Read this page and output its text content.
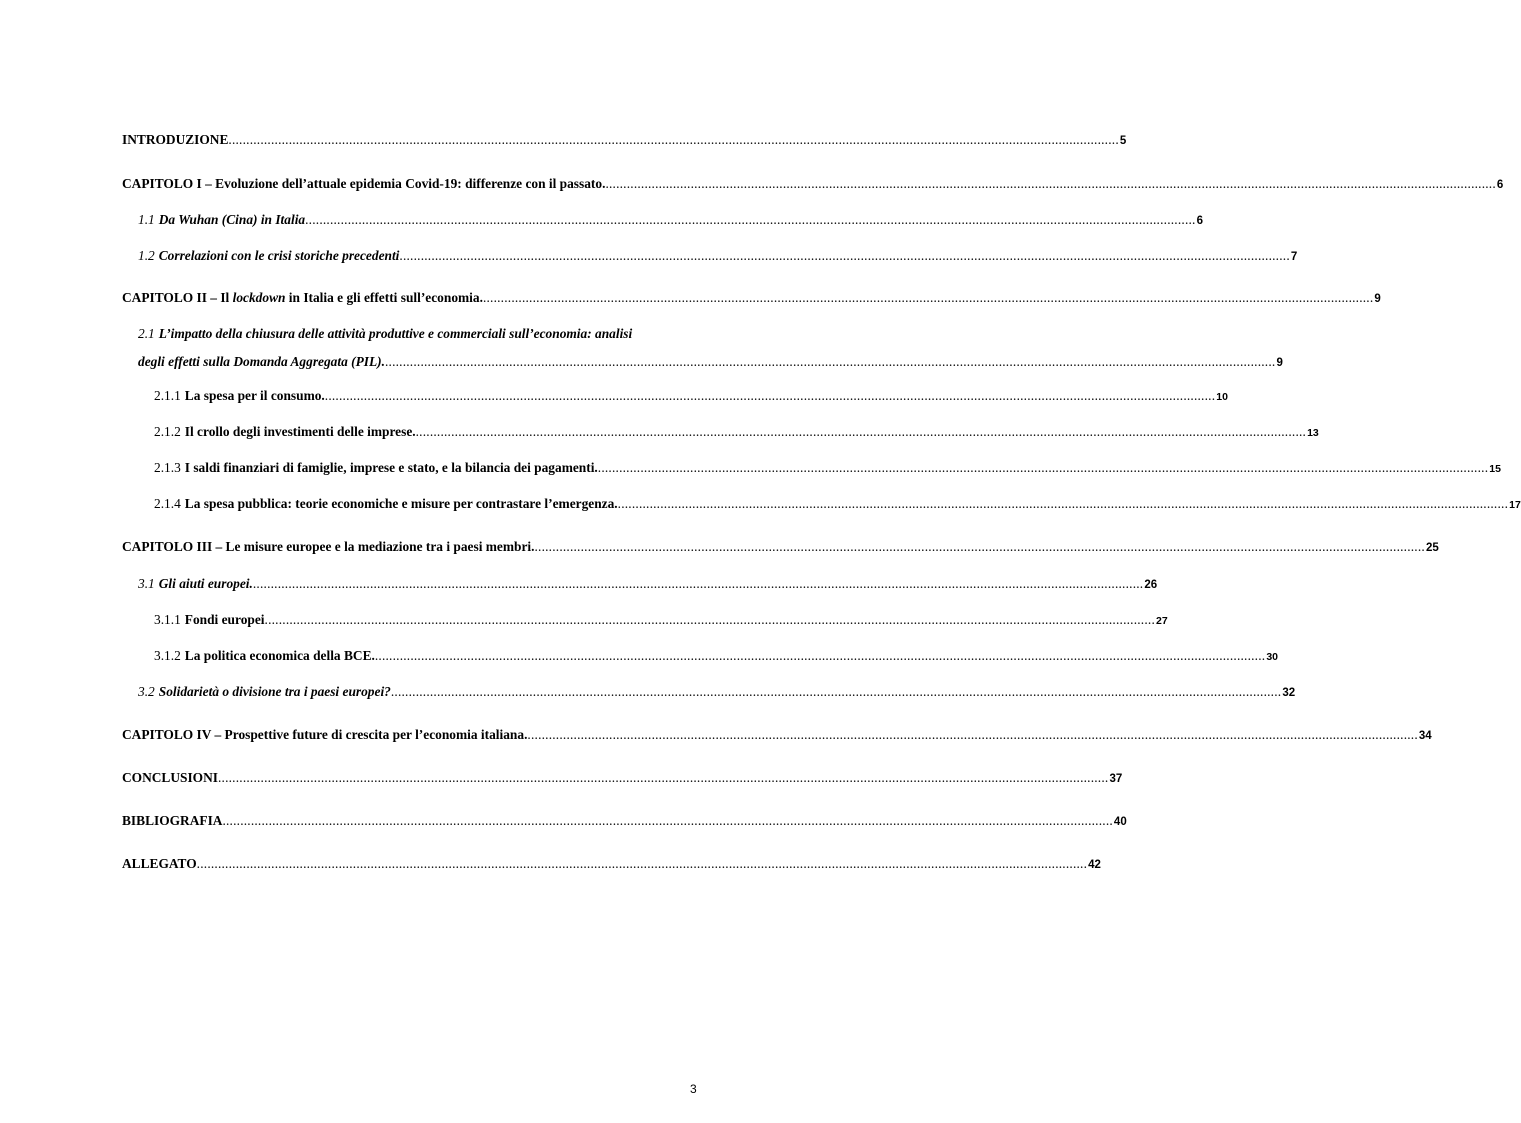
INTRODUZIONE .....	5
CAPITOLO I – Evoluzione dell’attuale epidemia Covid-19: differenze con il passato. .....	6
1.1 Da Wuhan (Cina) in Italia .....	6
1.2 Correlazioni con le crisi storiche precedenti .....	7
CAPITOLO II – Il lockdown in Italia e gli effetti sull’economia. .....	9
2.1 L’impatto della chiusura delle attività produttive e commerciali sull’economia: analisi
degli effetti sulla Domanda Aggregata (PIL). .....	9
2.1.1 La spesa per il consumo. .....	10
2.1.2 Il crollo degli investimenti delle imprese. .....	13
2.1.3 I saldi finanziari di famiglie, imprese e stato, e la bilancia dei pagamenti. .....	15
2.1.4 La spesa pubblica: teorie economiche e misure per contrastare l’emergenza. .....	17
CAPITOLO III – Le misure europee e la mediazione tra i paesi membri. .....	25
3.1 Gli aiuti europei. .....	26
3.1.1 Fondi europei .....	27
3.1.2 La politica economica della BCE. .....	30
3.2 Solidarietà o divisione tra i paesi europei? .....	32
CAPITOLO IV – Prospettive future di crescita per l’economia italiana. .....	34
CONCLUSIONI .....	37
BIBLIOGRAFIA .....	40
ALLEGATO .....	42
3
